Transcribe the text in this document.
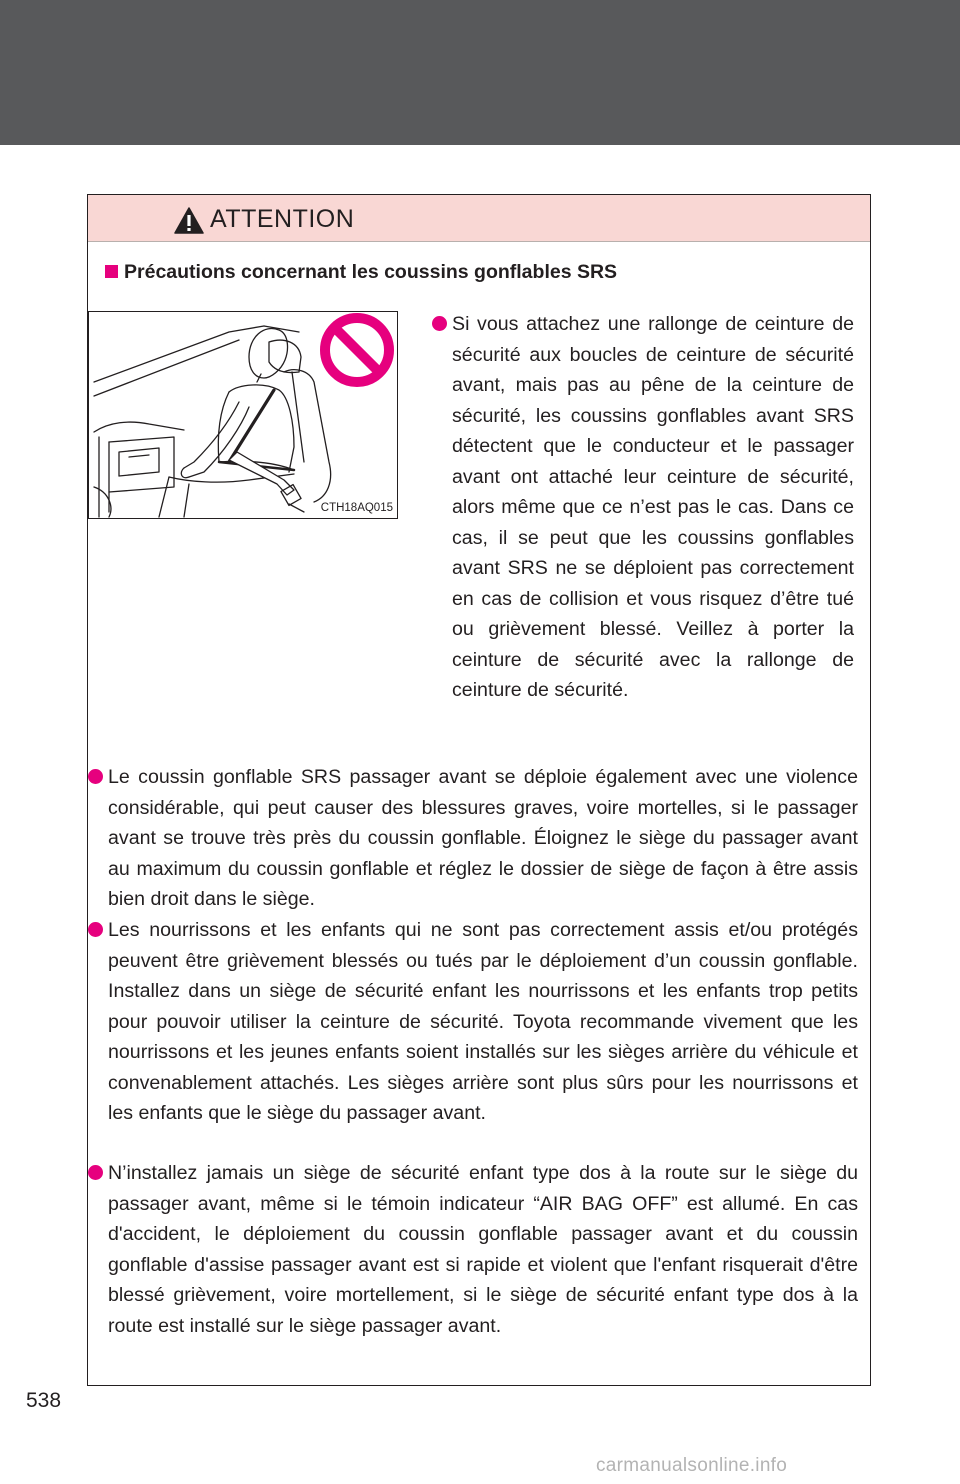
ATTENTION
Précautions concernant les coussins gonflables SRS
CTH18AQ015
Si vous attachez une rallonge de ceinture de sécurité aux boucles de ceinture de sécurité avant, mais pas au pêne de la ceinture de sécurité, les coussins gonflables avant SRS détectent que le conducteur et le passager avant ont attaché leur ceinture de sécurité, alors même que ce n’est pas le cas. Dans ce cas, il se peut que les coussins gonflables avant SRS ne se déploient pas correctement en cas de collision et vous risquez d’être tué ou grièvement blessé. Veillez à porter la ceinture de sécurité avec la rallonge de ceinture de sécurité.
Le coussin gonflable SRS passager avant se déploie également avec une violence considérable, qui peut causer des blessures graves, voire mortelles, si le passager avant se trouve très près du coussin gonflable. Éloignez le siège du passager avant au maximum du coussin gonflable et réglez le dossier de siège de façon à être assis bien droit dans le siège.
Les nourrissons et les enfants qui ne sont pas correctement assis et/ou protégés peuvent être grièvement blessés ou tués par le déploiement d’un coussin gonflable. Installez dans un siège de sécurité enfant les nourrissons et les enfants trop petits pour pouvoir utiliser la ceinture de sécurité. Toyota recommande vivement que les nourrissons et les jeunes enfants soient installés sur les sièges arrière du véhicule et convenablement attachés. Les sièges arrière sont plus sûrs pour les nourrissons et les enfants que le siège du passager avant.
N’installez jamais un siège de sécurité enfant type dos à la route sur le siège du passager avant, même si le témoin indicateur “AIR BAG OFF” est allumé. En cas d'accident, le déploiement du coussin gonflable passager avant et du coussin gonflable d'assise passager avant est si rapide et violent que l'enfant risquerait d'être blessé grièvement, voire mortellement, si le siège de sécurité enfant type dos à la route est installé sur le siège passager avant.
538
carmanualsonline.info
